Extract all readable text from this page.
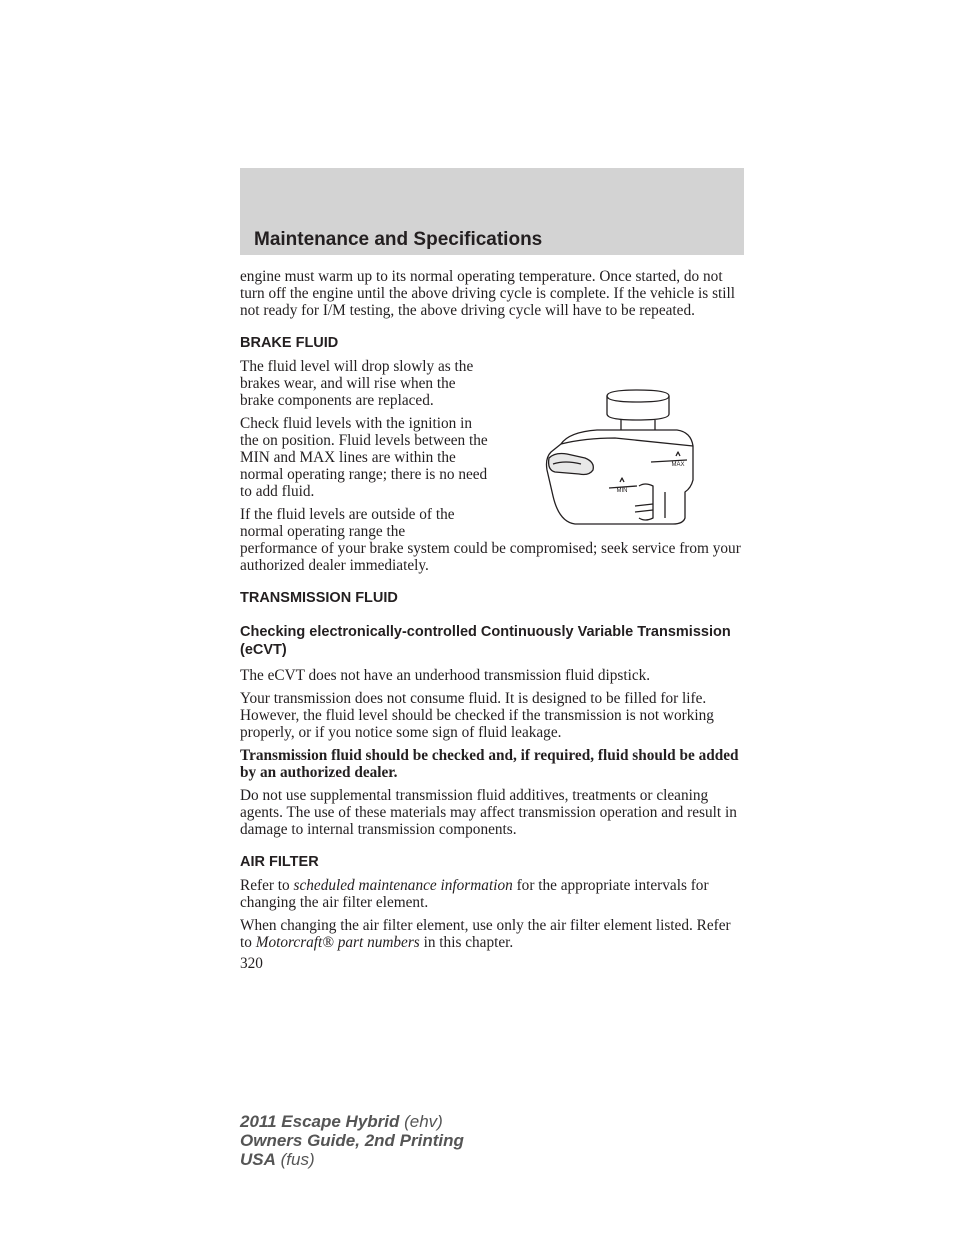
Maintenance and Specifications

engine must warm up to its normal operating temperature. Once started, do not turn off the engine until the above driving cycle is complete. If the vehicle is still not ready for I/M testing, the above driving cycle will have to be repeated.

BRAKE FLUID

The fluid level will drop slowly as the brakes wear, and will rise when the brake components are replaced.

Check fluid levels with the ignition in the on position. Fluid levels between the MIN and MAX lines are within the normal operating range; there is no need to add fluid.

If the fluid levels are outside of the normal operating range the

performance of your brake system could be compromised; seek service from your authorized dealer immediately.

MAX
MIN
TRANSMISSION FLUID
Checking electronically-controlled Continuously Variable Transmission (eCVT)

The eCVT does not have an underhood transmission fluid dipstick.

Your transmission does not consume fluid. It is designed to be filled for life. However, the fluid level should be checked if the transmission is not working properly, or if you notice some sign of fluid leakage.

Transmission fluid should be checked and, if required, fluid should be added by an authorized dealer.

Do not use supplemental transmission fluid additives, treatments or cleaning agents. The use of these materials may affect transmission operation and result in damage to internal transmission components.

AIR FILTER

Refer to scheduled maintenance information for the appropriate intervals for changing the air filter element.

When changing the air filter element, use only the air filter element listed. Refer to Motorcraft® part numbers in this chapter.

320
2011 Escape Hybrid (ehv)
Owners Guide, 2nd Printing
USA (fus)
